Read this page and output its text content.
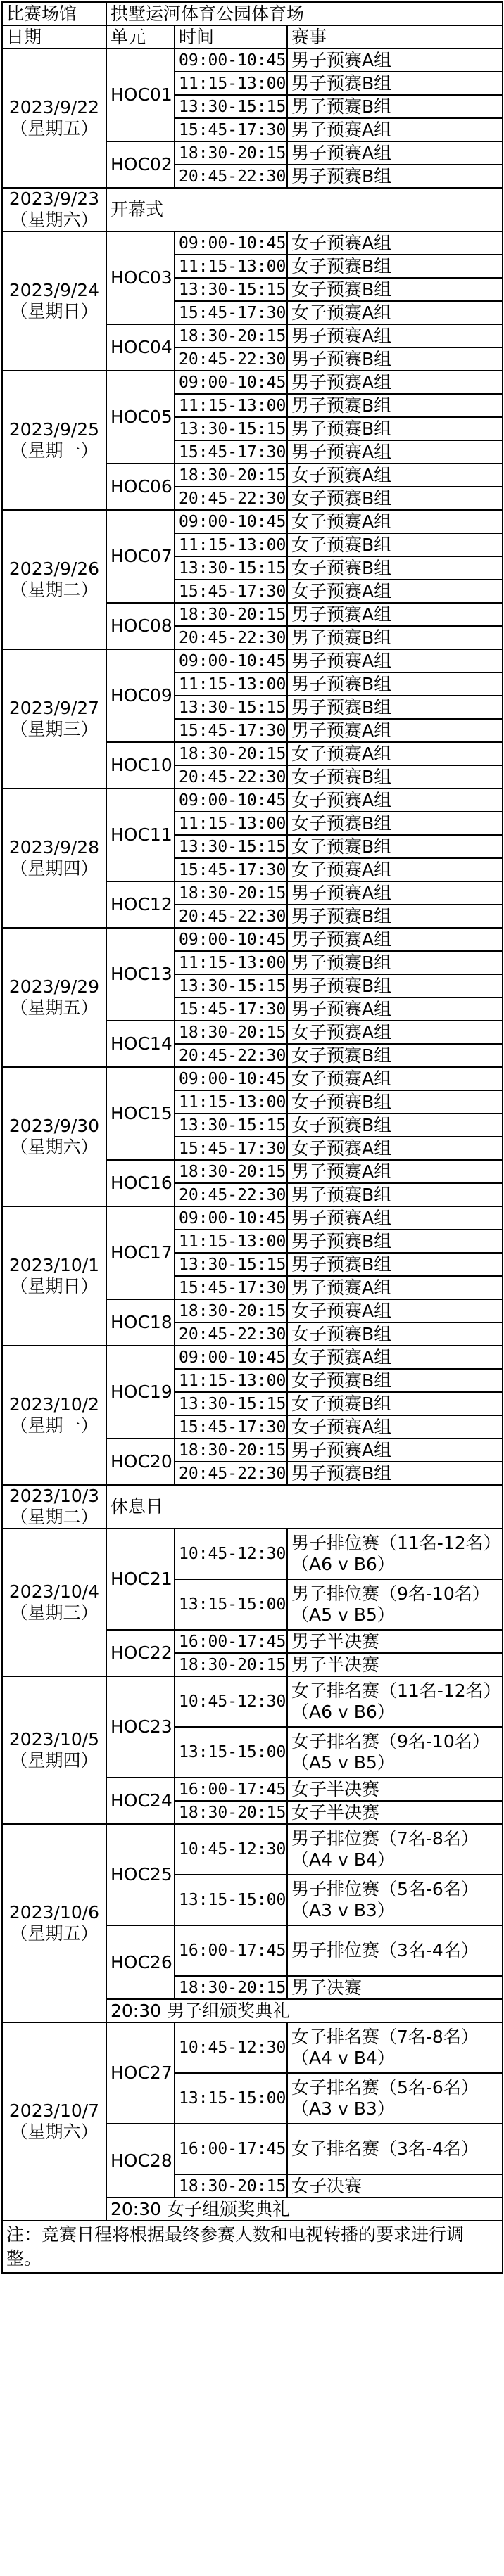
比赛场馆	拱墅运河体育公园体育场		
日期	单元	时间	赛事

2023/9/22
（星期五）	HOC01	09:00-10:45	男子预赛A组
		11:15-13:00	男子预赛B组
		13:30-15:15	男子预赛B组
		15:45-17:30	男子预赛A组
	HOC02	18:30-20:15	男子预赛A组
		20:45-22:30	男子预赛B组

2023/9/23
（星期六）	开幕式		

2023/9/24
（星期日）	HOC03	09:00-10:45	女子预赛A组
		11:15-13:00	女子预赛B组
		13:30-15:15	女子预赛B组
		15:45-17:30	女子预赛A组
	HOC04	18:30-20:15	男子预赛A组
		20:45-22:30	男子预赛B组

2023/9/25
（星期一）	HOC05	09:00-10:45	男子预赛A组
		11:15-13:00	男子预赛B组
		13:30-15:15	男子预赛B组
		15:45-17:30	男子预赛A组
	HOC06	18:30-20:15	女子预赛A组
		20:45-22:30	女子预赛B组

2023/9/26
（星期二）	HOC07	09:00-10:45	女子预赛A组
		11:15-13:00	女子预赛B组
		13:30-15:15	女子预赛B组
		15:45-17:30	女子预赛A组
	HOC08	18:30-20:15	男子预赛A组
		20:45-22:30	男子预赛B组

2023/9/27
（星期三）	HOC09	09:00-10:45	男子预赛A组
		11:15-13:00	男子预赛B组
		13:30-15:15	男子预赛B组
		15:45-17:30	男子预赛A组
	HOC10	18:30-20:15	女子预赛A组
		20:45-22:30	女子预赛B组

2023/9/28
（星期四）	HOC11	09:00-10:45	女子预赛A组
		11:15-13:00	女子预赛B组
		13:30-15:15	女子预赛B组
		15:45-17:30	女子预赛A组
	HOC12	18:30-20:15	男子预赛A组
		20:45-22:30	男子预赛B组

2023/9/29
（星期五）	HOC13	09:00-10:45	男子预赛A组
		11:15-13:00	男子预赛B组
		13:30-15:15	男子预赛B组
		15:45-17:30	男子预赛A组
	HOC14	18:30-20:15	女子预赛A组
		20:45-22:30	女子预赛B组

2023/9/30
（星期六）	HOC15	09:00-10:45	女子预赛A组
		11:15-13:00	女子预赛B组
		13:30-15:15	女子预赛B组
		15:45-17:30	女子预赛A组
	HOC16	18:30-20:15	男子预赛A组
		20:45-22:30	男子预赛B组

2023/10/1
（星期日）	HOC17	09:00-10:45	男子预赛A组
		11:15-13:00	男子预赛B组
		13:30-15:15	男子预赛B组
		15:45-17:30	男子预赛A组
	HOC18	18:30-20:15	女子预赛A组
		20:45-22:30	女子预赛B组

2023/10/2
（星期一）	HOC19	09:00-10:45	女子预赛A组
		11:15-13:00	女子预赛B组
		13:30-15:15	女子预赛B组
		15:45-17:30	女子预赛A组
	HOC20	18:30-20:15	男子预赛A组
		20:45-22:30	男子预赛B组

2023/10/3
（星期二）	休息日		

2023/10/4
（星期三）	HOC21	10:45-12:30	男子排位赛（11名-12名）（A6 v B6）
		13:15-15:00	男子排位赛（9名-10名）（A5 v B5）
	HOC22	16:00-17:45	男子半决赛
		18:30-20:15	男子半决赛

2023/10/5
（星期四）	HOC23	10:45-12:30	女子排名赛（11名-12名）（A6 v B6）
		13:15-15:00	女子排名赛（9名-10名）
（A5 v B5）

	HOC24	16:00-17:45	女子半决赛
		18:30-20:15	女子半决赛

2023/10/6
（星期五）	HOC25	10:45-12:30	男子排位赛（7名-8名）（A4 v B4）
		13:15-15:00	男子排位赛（5名-6名）（A3 v B3）
	HOC26	16:00-17:45	男子排位赛（3名-4名）
		18:30-20:15	男子决赛
	20:30 男子组颁奖典礼		

2023/10/7
（星期六）	HOC27	10:45-12:30	女子排名赛（7名-8名）（A4 v B4）
		13:15-15:00	女子排名赛（5名-6名）（A3 v B3）
	HOC28	16:00-17:45	女子排名赛（3名-4名）
		18:30-20:15	女子决赛
	20:30 女子组颁奖典礼		
注：竞赛日程将根据最终参赛人数和电视转播的要求进行调整。			
